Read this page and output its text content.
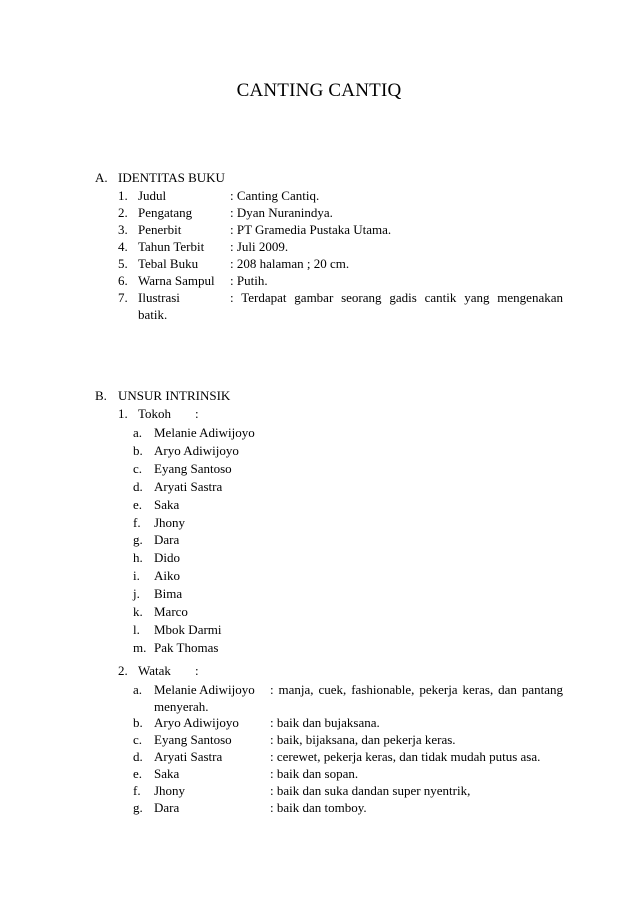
CANTING CANTIQ
A. IDENTITAS BUKU
1. Judul	: Canting Cantiq.
2. Pengatang	: Dyan Nuranindya.
3. Penerbit	: PT Gramedia Pustaka Utama.
4. Tahun Terbit : Juli 2009.
5. Tebal Buku : 208 halaman ; 20 cm.
6. Warna Sampul : Putih.
7. Ilustrasi	: Terdapat gambar seorang gadis cantik yang mengenakan
batik.
B. UNSUR INTRINSIK
1. Tokoh :
a. Melanie Adiwijoyo
b. Aryo Adiwijoyo
c. Eyang Santoso
d. Aryati Sastra
e. Saka
f.	Jhony
g. Dara
h. Dido
i.	Aiko
j.	Bima
k. Marco
l.	Mbok Darmi
m. Pak Thomas
2. Watak :
a. Melanie Adiwijoyo : manja, cuek, fashionable, pekerja keras, dan pantang
menyerah.
b. Aryo Adiwijoyo : baik dan bujaksana.
c. Eyang Santoso	: baik, bijaksana, dan pekerja keras.
d. Aryati Sastra	: cerewet, pekerja keras, dan tidak mudah putus asa.
e. Saka	: baik dan sopan.
f.	Jhony	: baik dan suka dandan super nyentrik,
g. Dara	: baik dan tomboy.
